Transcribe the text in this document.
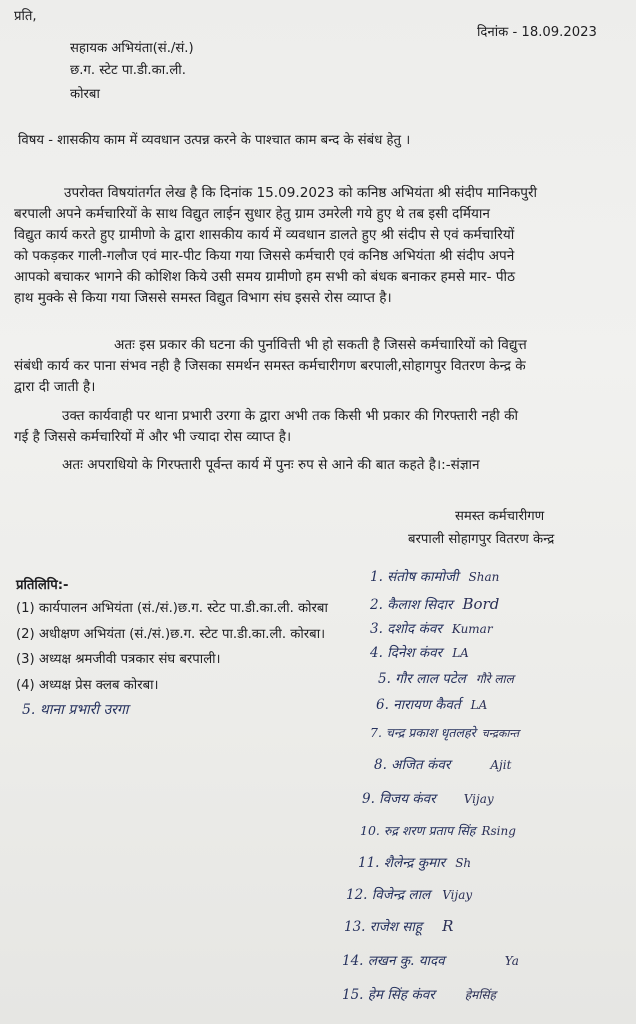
प्रति,
दिनांक - 18.09.2023
सहायक अभियंता(सं./सं.)
छ.ग. स्टेट पा.डी.का.ली.
कोरबा
विषय - शासकीय काम में व्यवधान उत्पन्न करने के पाश्चात काम बन्द के संबंध हेतु ।
उपरोक्त विषयांतर्गत लेख है कि दिनांक 15.09.2023 को कनिष्ठ अभियंता श्री संदीप मानिकपुरी
बरपाली अपने कर्मचारियों के साथ विद्युत लाईन सुधार हेतु ग्राम उमरेली गये हुए थे तब इसी दर्मियान
विद्युत कार्य करते हुए ग्रामीणो के द्वारा शासकीय कार्य में व्यवधान डालते हुए श्री संदीप से एवं कर्मचारियों
को पकड़कर गाली-गलौज एवं मार-पीट किया गया जिससे कर्मचारी एवं कनिष्ठ अभियंता श्री संदीप अपने
आपको बचाकर भागने की कोशिश किये उसी समय ग्रामीणो हम सभी को बंधक बनाकर हमसे मार- पीठ
हाथ मुक्के से किया गया जिससे समस्त विद्युत विभाग संघ इससे रोस व्याप्त है।
अतः इस प्रकार की घटना की पुर्नावित्ती भी हो सकती है जिससे कर्मचाारियों को विद्युत्त
संबंधी कार्य कर पाना संभव नही है जिसका समर्थन समस्त कर्मचारीगण बरपाली,सोहागपुर वितरण केन्द्र के
द्वारा दी जाती है।
उक्त कार्यवाही पर थाना प्रभारी उरगा के द्वारा अभी तक किसी भी प्रकार की गिरफ्तारी नही की
गई है जिससे कर्मचारियों में और भी ज्यादा रोस व्याप्त है।
अतः अपराधियो के गिरफ्तारी पूर्वन्त कार्य में पुनः रुप से आने की बात कहते है।:-संज्ञान
समस्त कर्मचारीगण
बरपाली सोहागपुर वितरण केन्द्र
प्रतिलिपि:-
(1) कार्यपालन अभियंता (सं./सं.)छ.ग. स्टेट पा.डी.का.ली. कोरबा
(2) अधीक्षण अभियंता (सं./सं.)छ.ग. स्टेट पा.डी.का.ली. कोरबा।
(3) अध्यक्ष श्रमजीवी पत्रकार संघ बरपाली।
(4) अध्यक्ष प्रेस क्लब कोरबा।
5. थाना प्रभारी उरगा
1. संतोष कामोजी Shan
2. कैलाश सिदार Bord
3. दशोद कंवर Kumar
4. दिनेश कंवर LA
5. गौर लाल पटेल गौरे लाल
6. नारायण कैवर्त LA
7. चन्द्र प्रकाश धृतलहरे चन्द्रकान्त
8. अजित कंवर	Ajit
9. विजय कंवर Vijay
10. रुद्र शरण प्रताप सिंह Rsing
11. शैलेन्द्र कुमार Sh
12. विजेन्द्र लाल Vijay
13. राजेश साहू R
14. लखन कु. यादव	Ya
15. हेम सिंह कंवर	हेमसिंह
